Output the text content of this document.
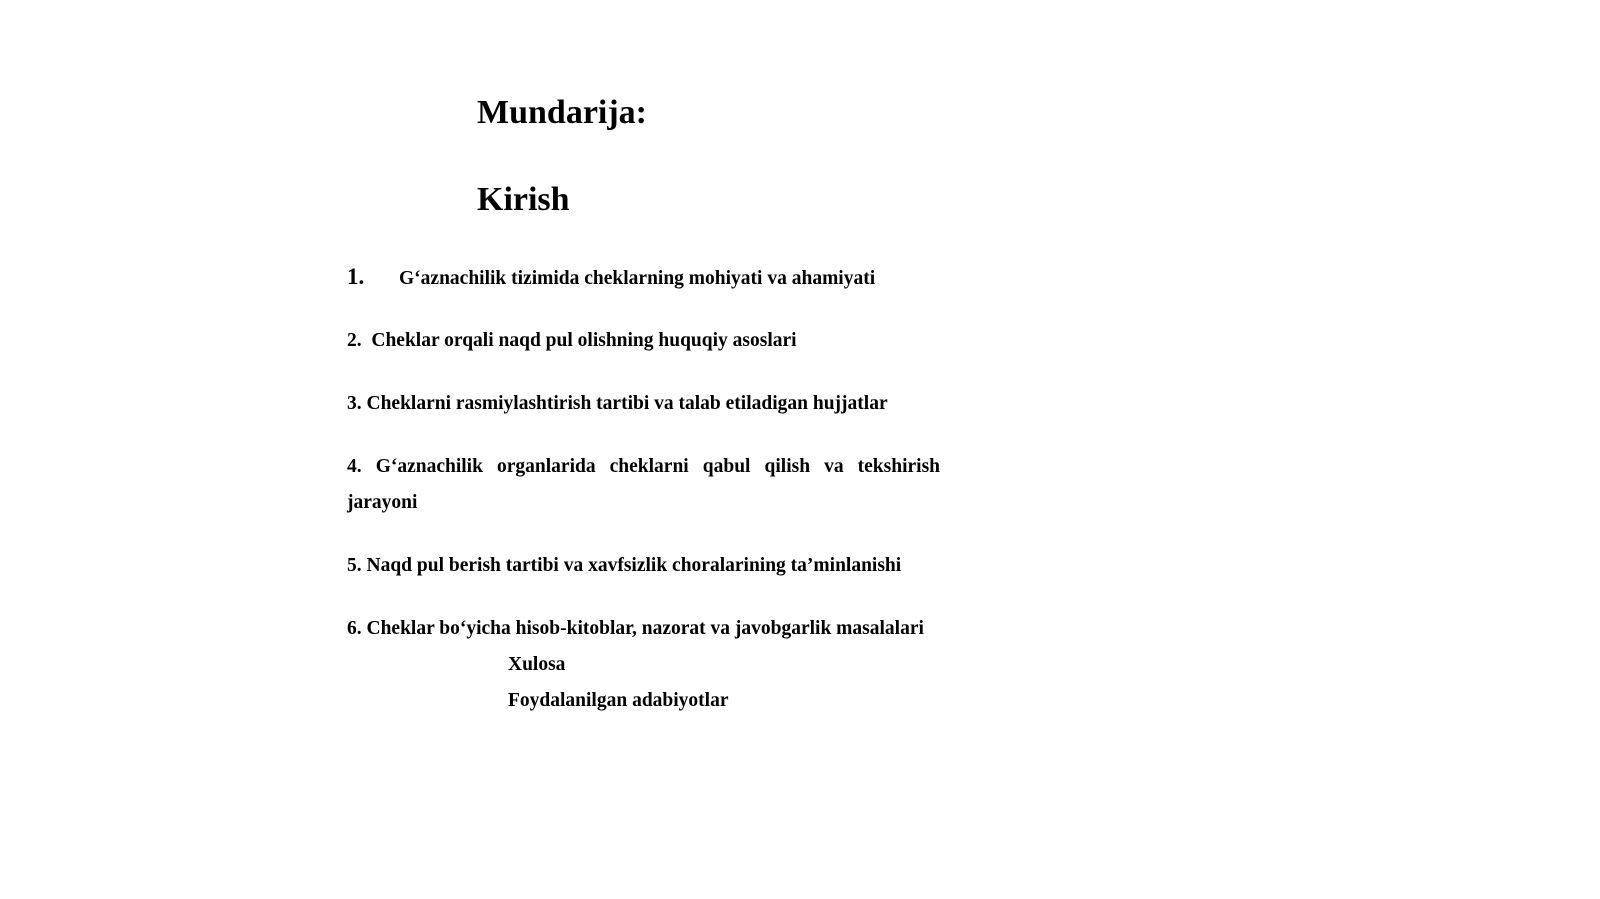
Mundarija:
Kirish
1. G‘aznachilik tizimida cheklarning mohiyati va ahamiyati
2. Cheklar orqali naqd pul olishning huquqiy asoslari
3. Cheklarni rasmiylashtirish tartibi va talab etiladigan hujjatlar
4. G‘aznachilik organlarida cheklarni qabul qilish va tekshirish jarayoni
5. Naqd pul berish tartibi va xavfsizlik choralarining ta’minlanishi
6. Cheklar bo‘yicha hisob-kitoblar, nazorat va javobgarlik masalalari
Xulosa
Foydalanilgan adabiyotlar
